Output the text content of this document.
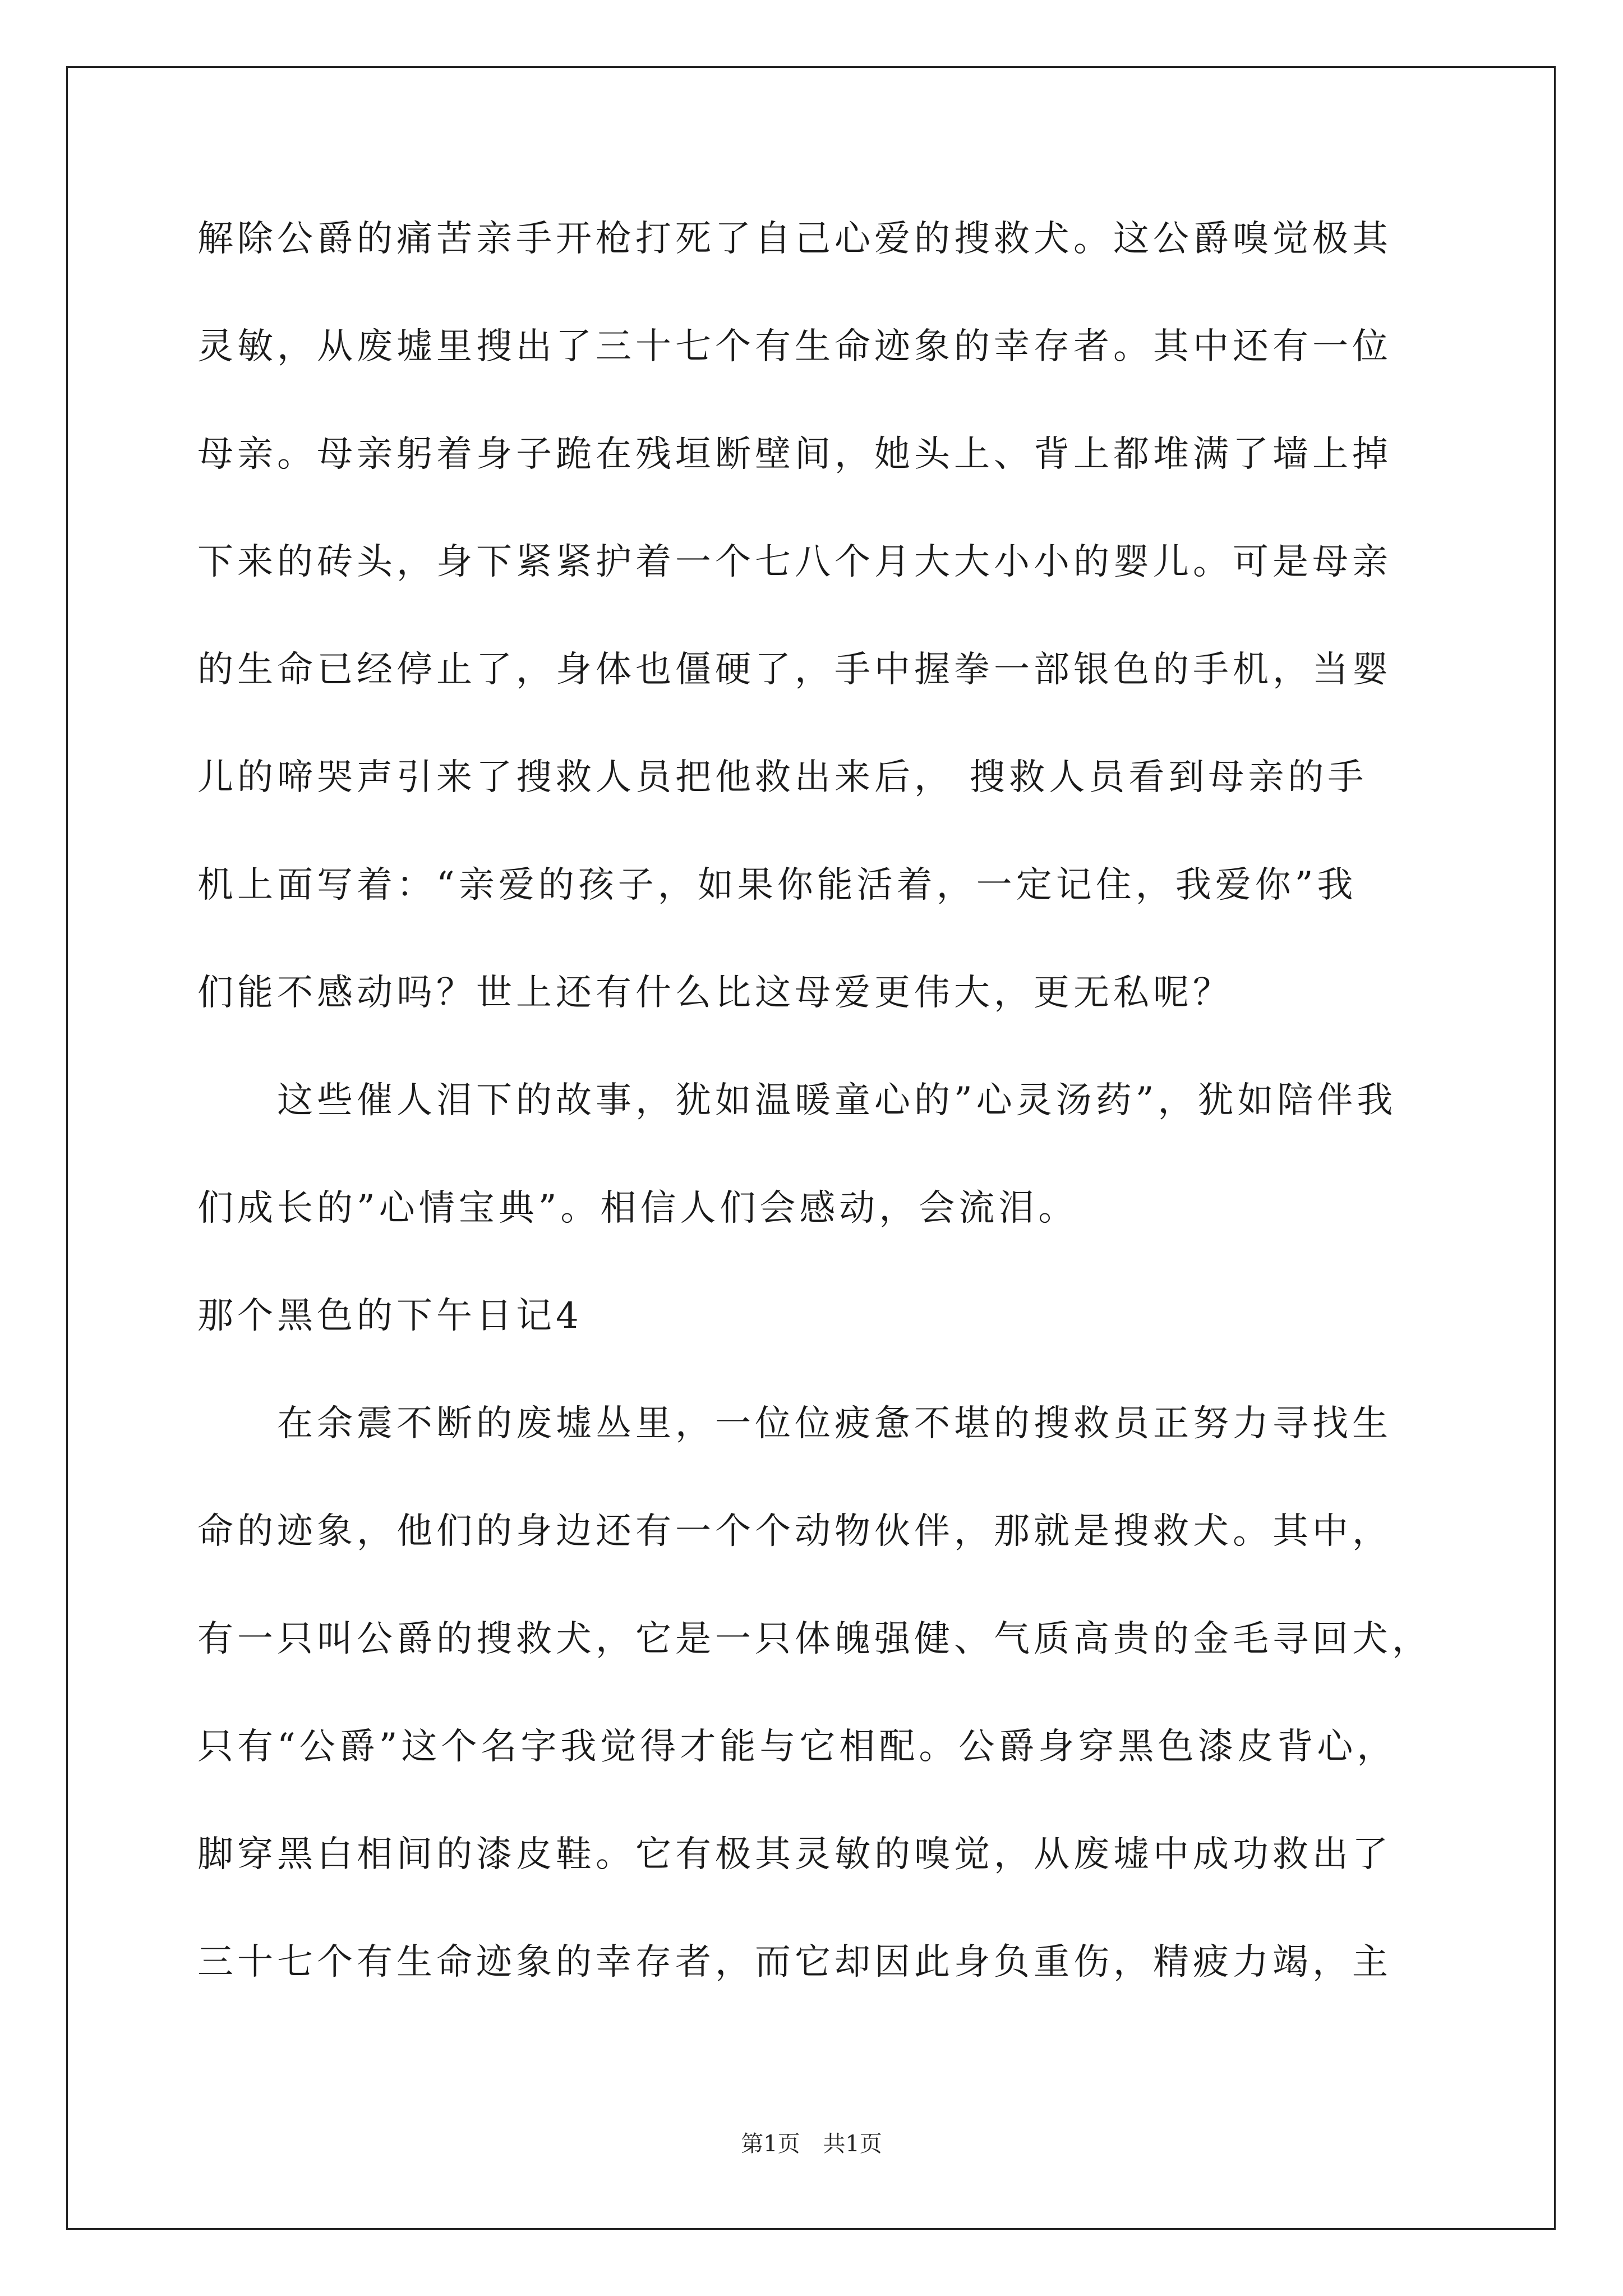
解除公爵的痛苦亲手开枪打死了自己心爱的搜救犬。这公爵嗅觉极其
灵敏，从废墟里搜出了三十七个有生命迹象的幸存者。其中还有一位
母亲。母亲躬着身子跪在残垣断壁间，她头上、背上都堆满了墙上掉
下来的砖头，身下紧紧护着一个七八个月大大小小的婴儿。可是母亲
的生命已经停止了，身体也僵硬了，手中握拳一部银色的手机，当婴
儿的啼哭声引来了搜救人员把他救出来后， 搜救人员看到母亲的手
机上面写着：“亲爱的孩子，如果你能活着，一定记住，我爱你”我
们能不感动吗？世上还有什么比这母爱更伟大，更无私呢？
　　这些催人泪下的故事，犹如温暖童心的”心灵汤药”，犹如陪伴我
们成长的”心情宝典”。相信人们会感动，会流泪。
那个黑色的下午日记4
　　在余震不断的废墟丛里，一位位疲惫不堪的搜救员正努力寻找生
命的迹象，他们的身边还有一个个动物伙伴，那就是搜救犬。其中，
有一只叫公爵的搜救犬，它是一只体魄强健、气质高贵的金毛寻回犬，
只有“公爵”这个名字我觉得才能与它相配。公爵身穿黑色漆皮背心，
脚穿黑白相间的漆皮鞋。它有极其灵敏的嗅觉，从废墟中成功救出了
三十七个有生命迹象的幸存者，而它却因此身负重伤，精疲力竭，主
第1页 共1页
